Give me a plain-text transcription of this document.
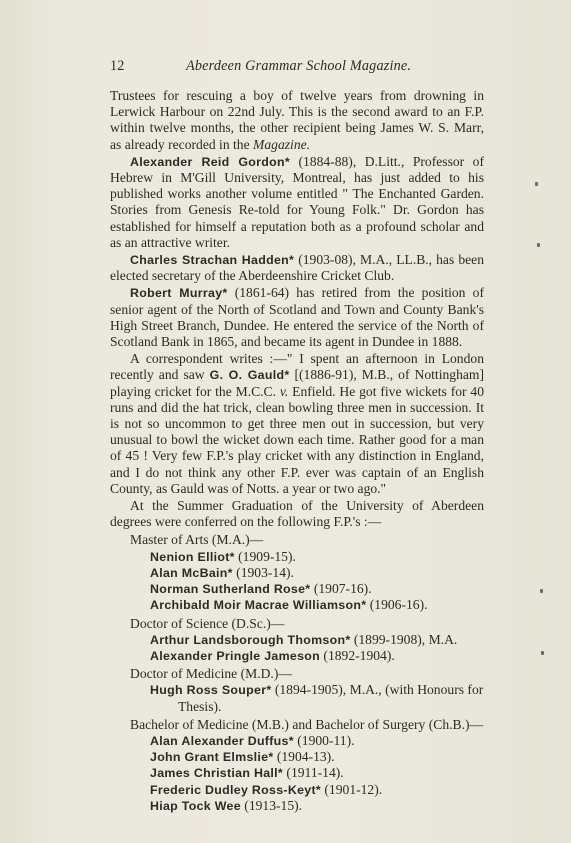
12	Aberdeen Grammar School Magazine.

Trustees for rescuing a boy of twelve years from drowning in Lerwick Harbour on 22nd July. This is the second award to an F.P. within twelve months, the other recipient being James W. S. Marr, as already recorded in the Magazine.

Alexander Reid Gordon* (1884-88), D.Litt., Professor of Hebrew in M'Gill University, Montreal, has just added to his published works another volume entitled " The Enchanted Garden. Stories from Genesis Re-told for Young Folk." Dr. Gordon has established for himself a reputation both as a profound scholar and as an attractive writer.

Charles Strachan Hadden* (1903-08), M.A., LL.B., has been elected secretary of the Aberdeenshire Cricket Club.

Robert Murray* (1861-64) has retired from the position of senior agent of the North of Scotland and Town and County Bank's High Street Branch, Dundee. He entered the service of the North of Scotland Bank in 1865, and became its agent in Dundee in 1888.

A correspondent writes :—" I spent an afternoon in London recently and saw G. O. Gauld* [(1886-91), M.B., of Nottingham] playing cricket for the M.C.C. v. Enfield. He got five wickets for 40 runs and did the hat trick, clean bowling three men in succession. It is not so uncommon to get three men out in succession, but very unusual to bowl the wicket down each time. Rather good for a man of 45 ! Very few F.P.'s play cricket with any distinction in England, and I do not think any other F.P. ever was captain of an English County, as Gauld was of Notts. a year or two ago."

At the Summer Graduation of the University of Aberdeen degrees were conferred on the following F.P.'s :—

Master of Arts (M.A.)—
Nenion Elliot* (1909-15).
Alan McBain* (1903-14).
Norman Sutherland Rose* (1907-16).
Archibald Moir Macrae Williamson* (1906-16).
Doctor of Science (D.Sc.)—
Arthur Landsborough Thomson* (1899-1908), M.A.
Alexander Pringle Jameson (1892-1904).
Doctor of Medicine (M.D.)—
Hugh Ross Souper* (1894-1905), M.A., (with Honours for Thesis).
Bachelor of Medicine (M.B.) and Bachelor of Surgery (Ch.B.)—
Alan Alexander Duffus* (1900-11).
John Grant Elmslie* (1904-13).
James Christian Hall* (1911-14).
Frederic Dudley Ross-Keyt* (1901-12).
Hiap Tock Wee (1913-15).
